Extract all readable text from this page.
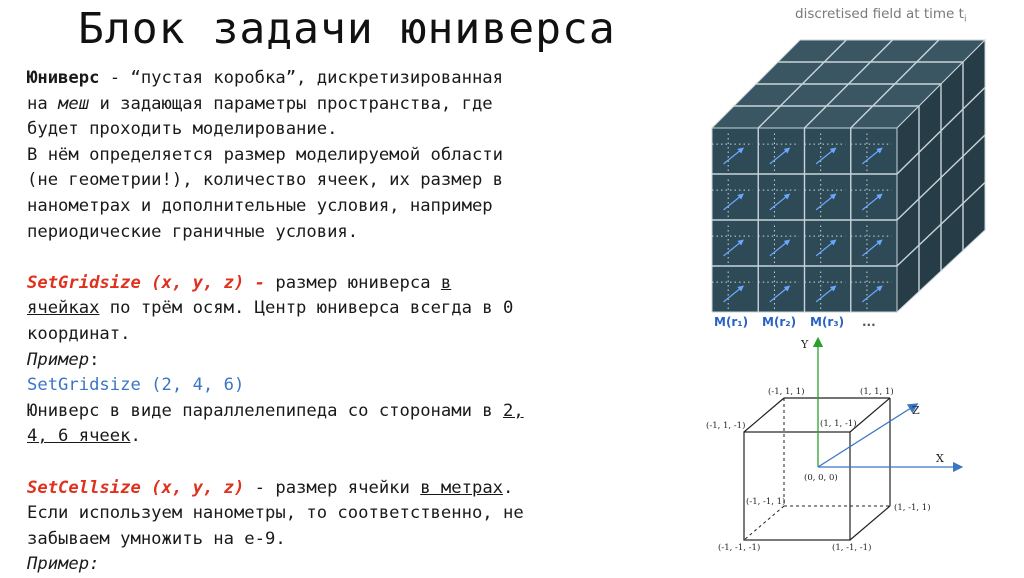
Блок задачи юниверса
Юниверс - “пустая коробка”, дискретизированная
на меш и задающая параметры пространства, где
будет проходить моделирование.
В нём определяется размер моделируемой области
(не геометрии!), количество ячеек, их размер в
нанометрах и дополнительные условия, например
периодические граничные условия.
SetGridsize (x, y, z) - размер юниверса в
ячейках по трём осям. Центр юниверса всегда в 0
координат.
Пример:
SetGridsize (2, 4, 6)
Юниверс в виде параллелепипеда со сторонами в 2,
4, 6 ячеек.
SetCellsize (x, y, z) - размер ячейки в метрах.
Если используем нанометры, то соответственно, не
забываем умножить на e-9.
Пример:
discretised field at time $t_i$
M(r₁) M(r₂) M(r₃) ...
Y
X
Z
(-1, 1, 1)	(1, 1, 1)
(-1, 1, -1)	(1, 1, -1)
(0, 0, 0)
(-1, -1, 1)
(1, -1, 1)
(-1, -1, -1)	(1, -1, -1)
